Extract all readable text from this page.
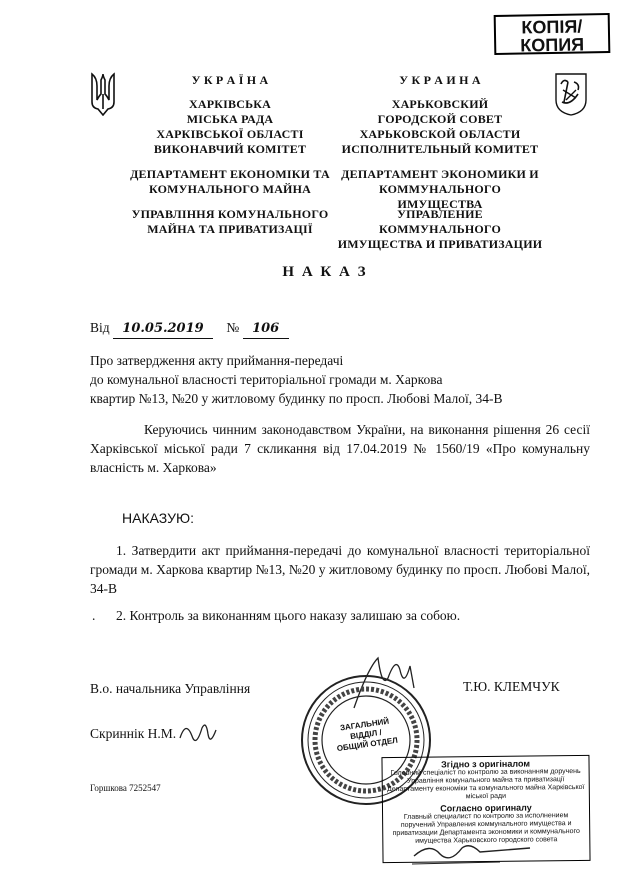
КОПІЯ/
КОПИЯ
У К Р А Ї Н А
ХАРКІВСЬКА
МІСЬКА РАДА
ХАРКІВСЬКОЇ ОБЛАСТІ
ВИКОНАВЧИЙ КОМІТЕТ
ДЕПАРТАМЕНТ ЕКОНОМІКИ ТА
КОМУНАЛЬНОГО МАЙНА
УПРАВЛІННЯ КОМУНАЛЬНОГО
МАЙНА ТА ПРИВАТИЗАЦІЇ
У К Р А И Н А
ХАРЬКОВСКИЙ
ГОРОДСКОЙ СОВЕТ
ХАРЬКОВСКОЙ ОБЛАСТИ
ИСПОЛНИТЕЛЬНЫЙ КОМИТЕТ
ДЕПАРТАМЕНТ ЭКОНОМИКИ И
КОММУНАЛЬНОГО ИМУЩЕСТВА
УПРАВЛЕНИЕ КОММУНАЛЬНОГО
ИМУЩЕСТВА И ПРИВАТИЗАЦИИ
Н А К А З
Від 10.05.2019 № 106
Про затвердження акту приймання-передачі
до комунальної власності територіальної громади м. Харкова
квартир №13, №20 у житловому будинку по просп. Любові Малої, 34-В
Керуючись чинним законодавством України, на виконання рішення 26 сесії Харківської міської ради 7 скликання від 17.04.2019 № 1560/19 «Про комунальну власність м. Харкова»
НАКАЗУЮ:
1. Затвердити акт приймання-передачі до комунальної власності територіальної громади м. Харкова квартир №13, №20 у житловому будинку по просп. Любові Малої, 34-В
. 2. Контроль за виконанням цього наказу залишаю за собою.
В.о. начальника Управління	Т.Ю. КЛЕМЧУК
Скриннік Н.М.
Горшкова 7252547
ЗАГАЛЬНИЙ
ВІДДІЛ /
ОБЩИЙ ОТДЕЛ
Згідно з оригіналом
Головний спеціаліст по контролю за виконанням доручень Управління комунального майна та приватизації Департаменту економіки та комунального майна Харківської міської ради
Согласно оригиналу
Главный специалист по контролю за исполнением поручений Управления коммунального имущества и приватизации Департамента экономики и коммунального имущества Харьковского городского совета
